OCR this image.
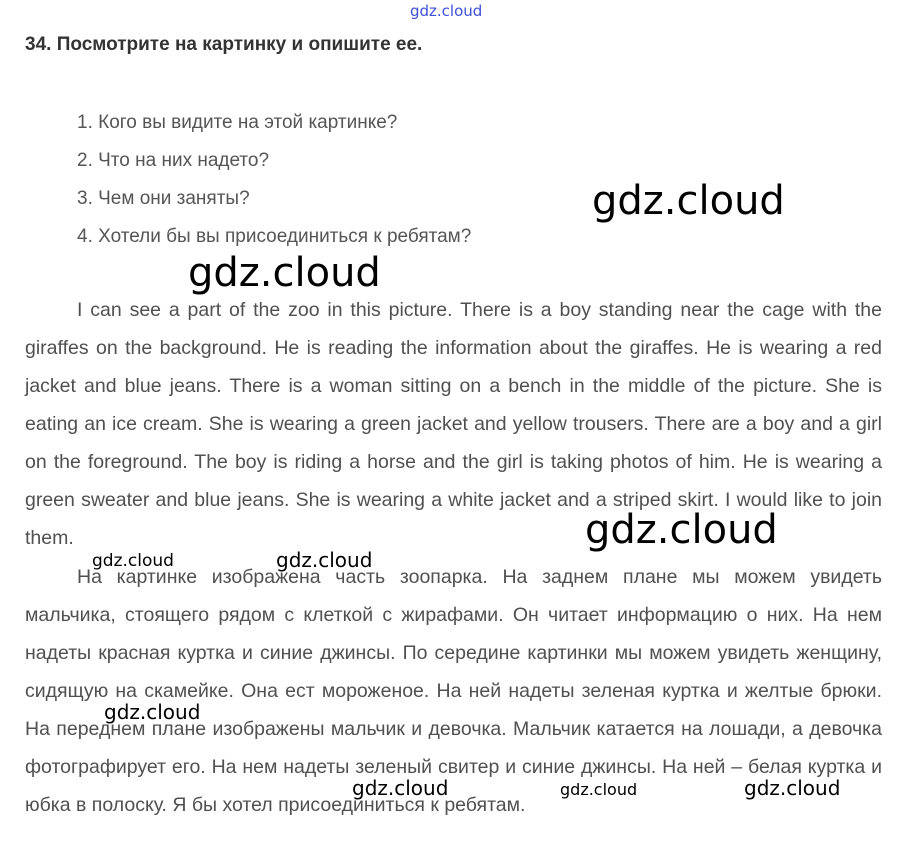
gdz.cloud
34. Посмотрите на картинку и опишите ее.
1. Кого вы видите на этой картинке?
2. Что на них надето?
3. Чем они заняты?
4. Хотели бы вы присоединиться к ребятам?

I can see a part of the zoo in this picture. There is a boy standing near the cage with the giraffes on the background. He is reading the information about the giraffes. He is wearing a red jacket and blue jeans. There is a woman sitting on a bench in the middle of the picture. She is eating an ice cream. She is wearing a green jacket and yellow trousers. There are a boy and a girl on the foreground. The boy is riding a horse and the girl is taking photos of him. He is wearing a green sweater and blue jeans. She is wearing a white jacket and a striped skirt. I would like to join them.

На картинке изображена часть зоопарка. На заднем плане мы можем увидеть мальчика, стоящего рядом с клеткой с жирафами. Он читает информацию о них. На нем надеты красная куртка и синие джинсы. По середине картинки мы можем увидеть женщину, сидящую на скамейке. Она ест мороженое. На ней надеты зеленая куртка и желтые брюки. На переднем плане изображены мальчик и девочка. Мальчик катается на лошади, а девочка фотографирует его. На нем надеты зеленый свитер и синие джинсы. На ней – белая куртка и юбка в полоску. Я бы хотел присоединиться к ребятам.

gdz.cloud
gdz.cloud
gdz.cloud
gdz.cloud	gdz.cloud
gdz.cloud
gdz.cloud	gdz.cloud	gdz.cloud
